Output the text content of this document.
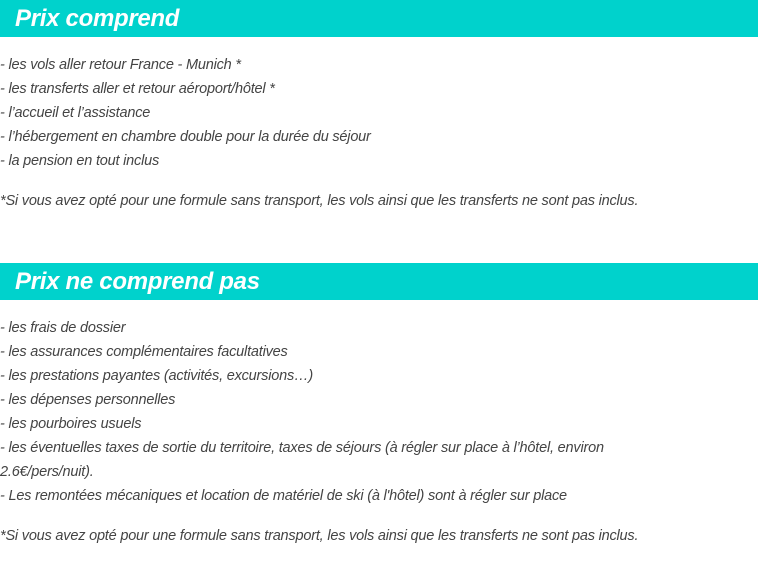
Prix comprend
- les vols aller retour France - Munich *
- les transferts aller et retour aéroport/hôtel *
- l’accueil et l’assistance
- l’hébergement en chambre double pour la durée du séjour
- la pension en tout inclus

*Si vous avez opté pour une formule sans transport, les vols ainsi que les transferts ne sont pas inclus.

Prix ne comprend pas
- les frais de dossier
- les assurances complémentaires facultatives
- les prestations payantes (activités, excursions…)
- les dépenses personnelles
- les pourboires usuels
- les éventuelles taxes de sortie du territoire, taxes de séjours (à régler sur place à l’hôtel, environ 2.6€/pers/nuit).
- Les remontées mécaniques et location de matériel de ski (à l'hôtel) sont à régler sur place

*Si vous avez opté pour une formule sans transport, les vols ainsi que les transferts ne sont pas inclus.
